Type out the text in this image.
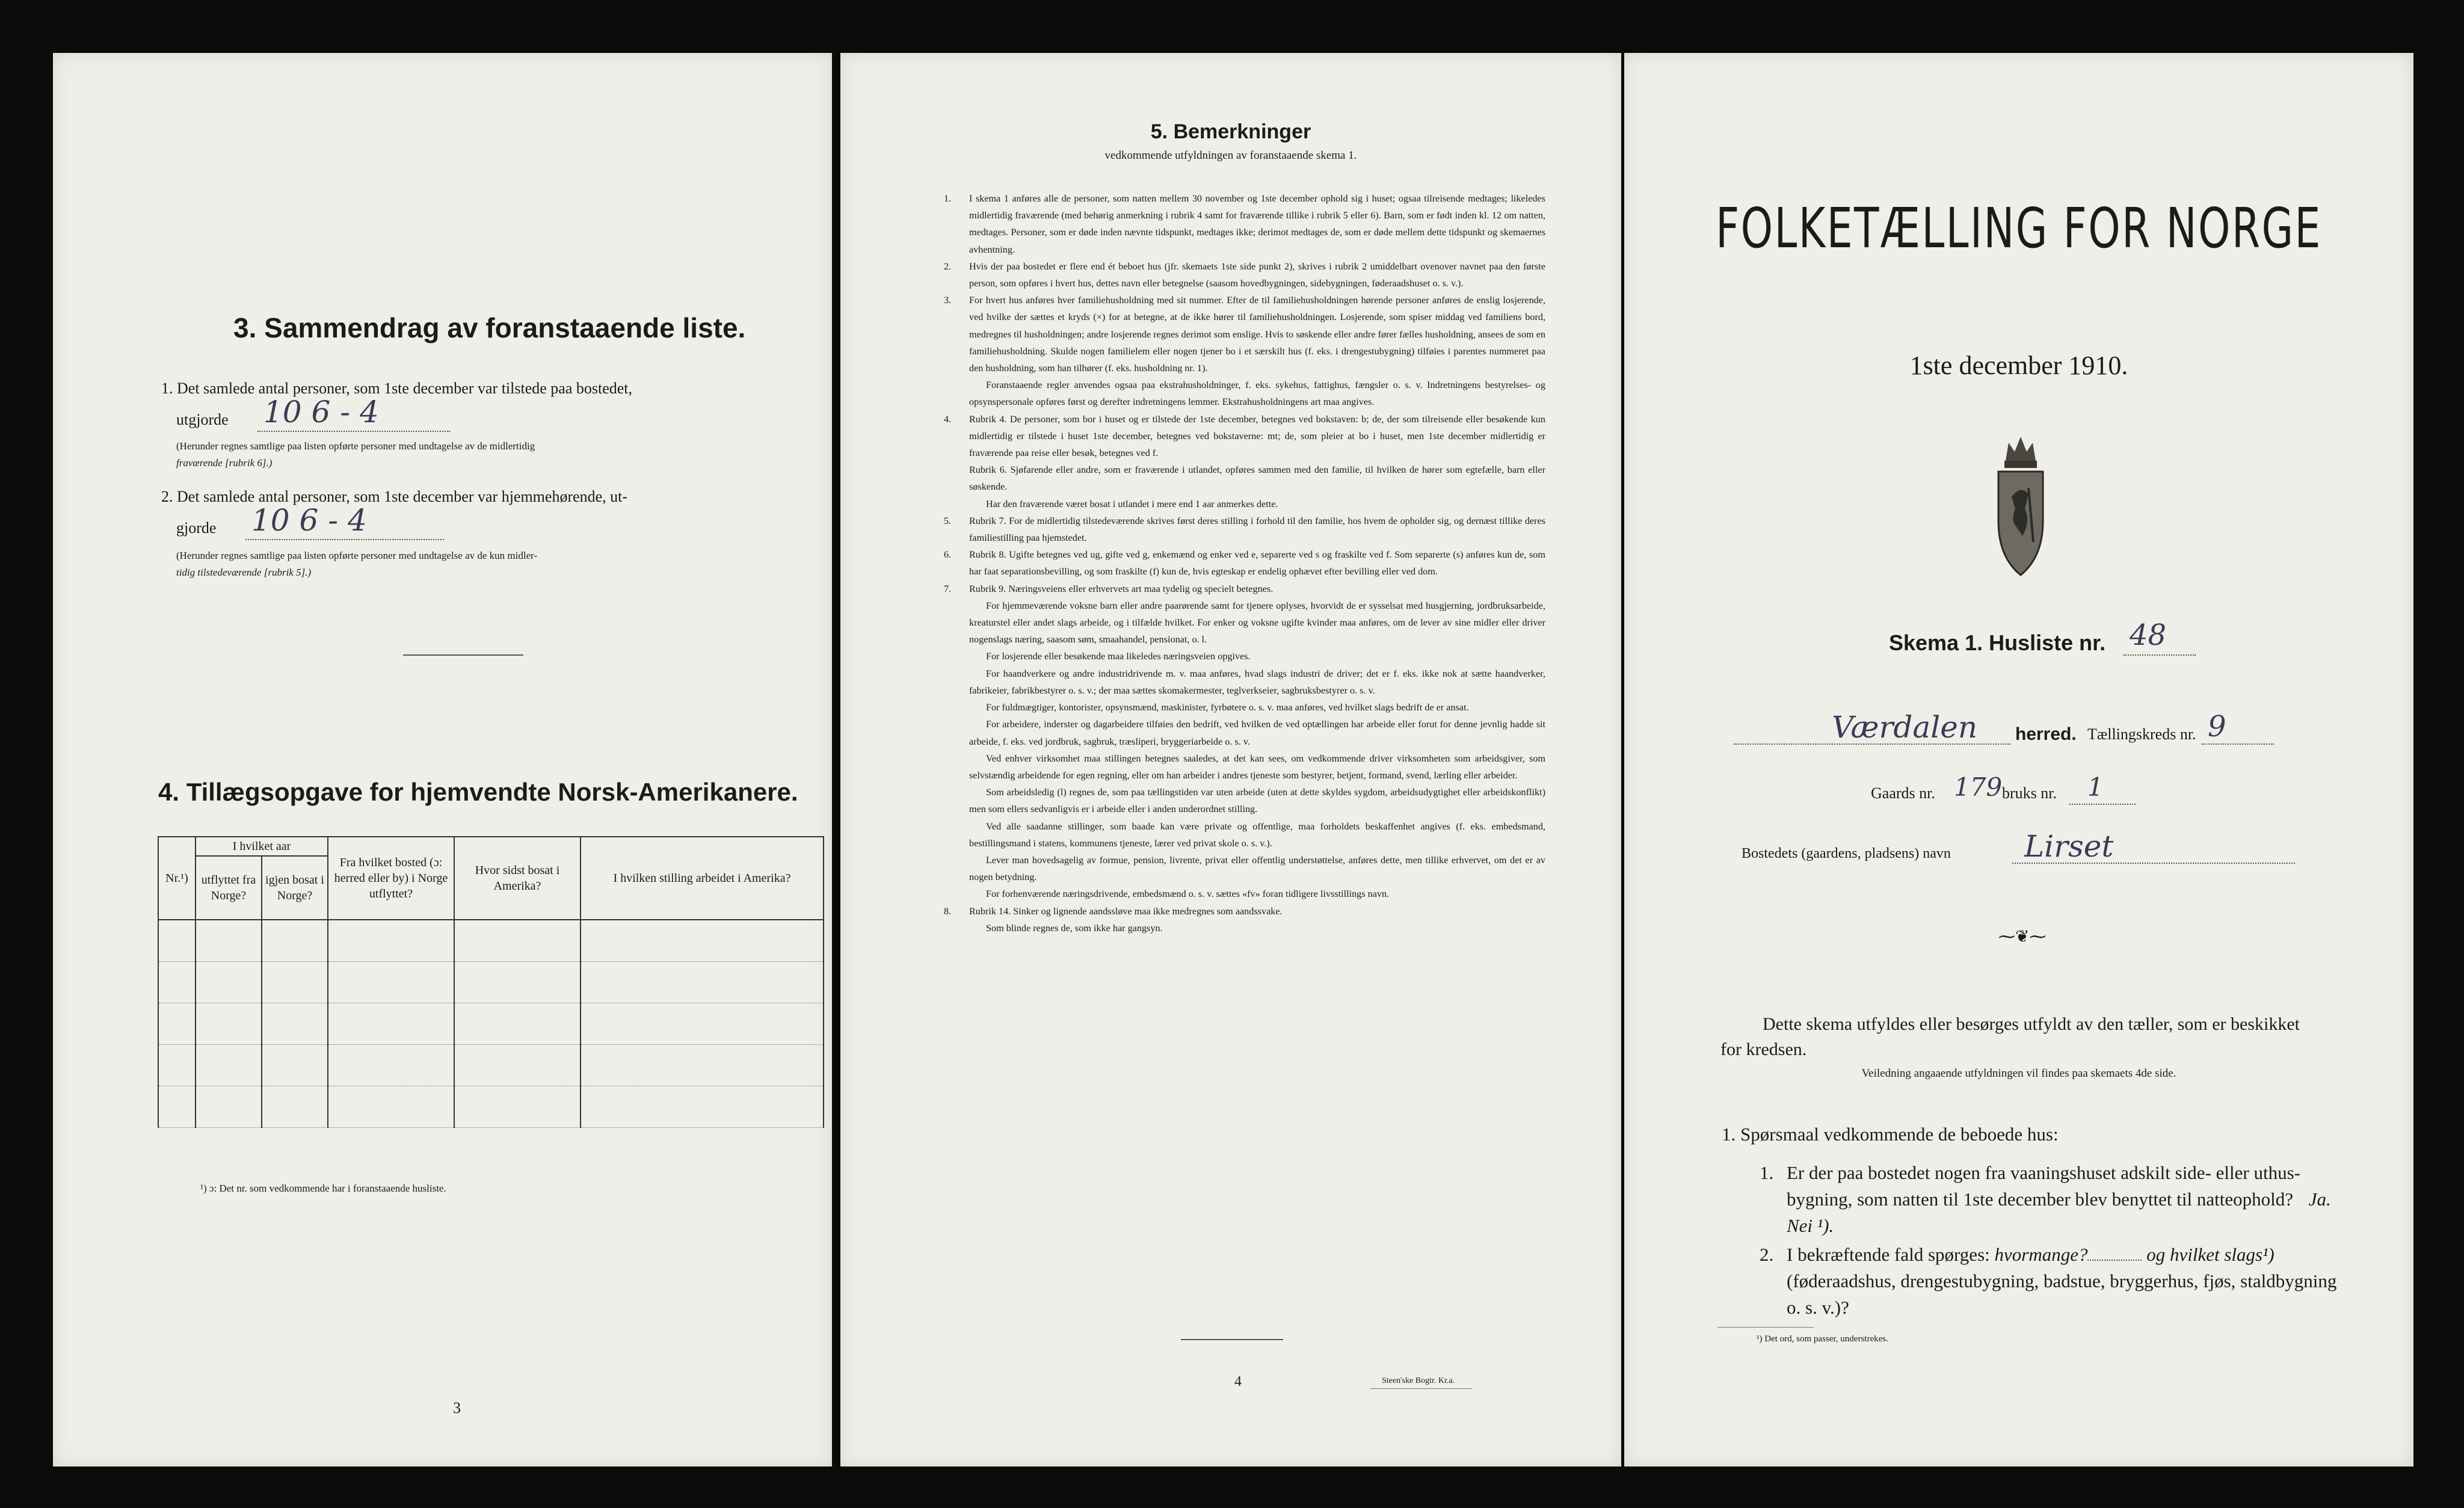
3. Sammendrag av foranstaaende liste.
1. Det samlede antal personer, som 1ste december var tilstede paa bostedet,
utgjorde 10 6 - 4
(Herunder regnes samtlige paa listen opførte personer med undtagelse av de midlertidig
fraværende [rubrik 6].)
2. Det samlede antal personer, som 1ste december var hjemmehørende, ut-
gjorde 10 6 - 4
(Herunder regnes samtlige paa listen opførte personer med undtagelse av de kun midler-
tidig tilstedeværende [rubrik 5].)
4. Tillægsopgave for hjemvendte Norsk-Amerikanere.
Nr.¹)	I hvilket aar		Fra hvilket bosted (ɔ: herred eller by) i Norge utflyttet?	Hvor sidst bosat i Amerika?	I hvilken stilling arbeidet i Amerika?
	utflyttet fra Norge?	igjen bosat i Norge?			

¹) ɔ: Det nr. som vedkommende har i foranstaaende husliste.
3
5. Bemerkninger
vedkommende utfyldningen av foranstaaende skema 1.

1. I skema 1 anføres alle de personer, som natten mellem 30 november og 1ste december ophold sig i huset; ogsaa tilreisende medtages; likeledes midlertidig fraværende (med behørig anmerkning i rubrik 4 samt for fraværende tillike i rubrik 5 eller 6). Barn, som er født inden kl. 12 om natten, medtages. Personer, som er døde inden nævnte tidspunkt, medtages ikke; derimot medtages de, som er døde mellem dette tidspunkt og skemaernes avhentning.

2. Hvis der paa bostedet er flere end ét beboet hus (jfr. skemaets 1ste side punkt 2), skrives i rubrik 2 umiddelbart ovenover navnet paa den første person, som opføres i hvert hus, dettes navn eller betegnelse (saasom hovedbygningen, sidebygningen, føderaadshuset o. s. v.).

3. For hvert hus anføres hver familiehusholdning med sit nummer. Efter de til familiehusholdningen hørende personer anføres de enslig losjerende, ved hvilke der sættes et kryds (×) for at betegne, at de ikke hører til familiehusholdningen. Losjerende, som spiser middag ved familiens bord, medregnes til husholdningen; andre losjerende regnes derimot som enslige. Hvis to søskende eller andre fører fælles husholdning, ansees de som en familiehusholdning. Skulde nogen familielem eller nogen tjener bo i et særskilt hus (f. eks. i drengestubygning) tilføies i parentes nummeret paa den husholdning, som han tilhører (f. eks. husholdning nr. 1).

Foranstaaende regler anvendes ogsaa paa ekstrahusholdninger, f. eks. sykehus, fattighus, fængsler o. s. v. Indretningens bestyrelses- og opsynspersonale opføres først og derefter indretningens lemmer. Ekstrahusholdningens art maa angives.

4. Rubrik 4. De personer, som bor i huset og er tilstede der 1ste december, betegnes ved bokstaven: b; de, der som tilreisende eller besøkende kun midlertidig er tilstede i huset 1ste december, betegnes ved bokstaverne: mt; de, som pleier at bo i huset, men 1ste december midlertidig er fraværende paa reise eller besøk, betegnes ved f.

Rubrik 6. Sjøfarende eller andre, som er fraværende i utlandet, opføres sammen med den familie, til hvilken de hører som egtefælle, barn eller søskende.

Har den fraværende været bosat i utlandet i mere end 1 aar anmerkes dette.

5. Rubrik 7. For de midlertidig tilstedeværende skrives først deres stilling i forhold til den familie, hos hvem de opholder sig, og dernæst tillike deres familiestilling paa hjemstedet.

6. Rubrik 8. Ugifte betegnes ved ug, gifte ved g, enkemænd og enker ved e, separerte ved s og fraskilte ved f. Som separerte (s) anføres kun de, som har faat separationsbevilling, og som fraskilte (f) kun de, hvis egteskap er endelig ophævet efter bevilling eller ved dom.

7. Rubrik 9. Næringsveiens eller erhvervets art maa tydelig og specielt betegnes.

For hjemmeværende voksne barn eller andre paarørende samt for tjenere oplyses, hvorvidt de er sysselsat med husgjerning, jordbruksarbeide, kreaturstel eller andet slags arbeide, og i tilfælde hvilket. For enker og voksne ugifte kvinder maa anføres, om de lever av sine midler eller driver nogenslags næring, saasom søm, smaahandel, pensionat, o. l.

For losjerende eller besøkende maa likeledes næringsveien opgives.

For haandverkere og andre industridrivende m. v. maa anføres, hvad slags industri de driver; det er f. eks. ikke nok at sætte haandverker, fabrikeier, fabrikbestyrer o. s. v.; der maa sættes skomakermester, teglverkseier, sagbruksbestyrer o. s. v.

For fuldmægtiger, kontorister, opsynsmænd, maskinister, fyrbøtere o. s. v. maa anføres, ved hvilket slags bedrift de er ansat.

For arbeidere, inderster og dagarbeidere tilføies den bedrift, ved hvilken de ved optællingen har arbeide eller forut for denne jevnlig hadde sit arbeide, f. eks. ved jordbruk, sagbruk, træsliperi, bryggeriarbeide o. s. v.

Ved enhver virksomhet maa stillingen betegnes saaledes, at det kan sees, om vedkommende driver virksomheten som arbeidsgiver, som selvstændig arbeidende for egen regning, eller om han arbeider i andres tjeneste som bestyrer, betjent, formand, svend, lærling eller arbeider.

Som arbeidsledig (l) regnes de, som paa tællingstiden var uten arbeide (uten at dette skyldes sygdom, arbeidsudygtighet eller arbeidskonflikt) men som ellers sedvanligvis er i arbeide eller i anden underordnet stilling.

Ved alle saadanne stillinger, som baade kan være private og offentlige, maa forholdets beskaffenhet angives (f. eks. embedsmand, bestillingsmand i statens, kommunens tjeneste, lærer ved privat skole o. s. v.).

Lever man hovedsagelig av formue, pension, livrente, privat eller offentlig understøttelse, anføres dette, men tillike erhvervet, om det er av nogen betydning.

For forhenværende næringsdrivende, embedsmænd o. s. v. sættes «fv» foran tidligere livsstillings navn.

8. Rubrik 14. Sinker og lignende aandssløve maa ikke medregnes som aandssvake.

Som blinde regnes de, som ikke har gangsyn.

4	Steen'ske Bogtr. Kr.a.
FOLKETÆLLING FOR NORGE
1ste december 1910.
Skema 1. Husliste nr. 48
Værdalen herred. Tællingskreds nr. 9
Gaards nr. 179 bruks nr. 1
Bostedets (gaardens, pladsens) navn Lirset
⁓❦⁓
Dette skema utfyldes eller besørges utfyldt av den tæller, som er beskikket for kredsen.
Veiledning angaaende utfyldningen vil findes paa skemaets 4de side.
1. Spørsmaal vedkommende de beboede hus:
1. Er der paa bostedet nogen fra vaaningshuset adskilt side- eller uthus-bygning, som natten til 1ste december blev benyttet til natteophold? Ja. Nei ¹).
2. I bekræftende fald spørges: hvormange?	og hvilket slags¹) (føderaadshus, drengestubygning, badstue, bryggerhus, fjøs, staldbygning o. s. v.)?
¹) Det ord, som passer, understrekes.
